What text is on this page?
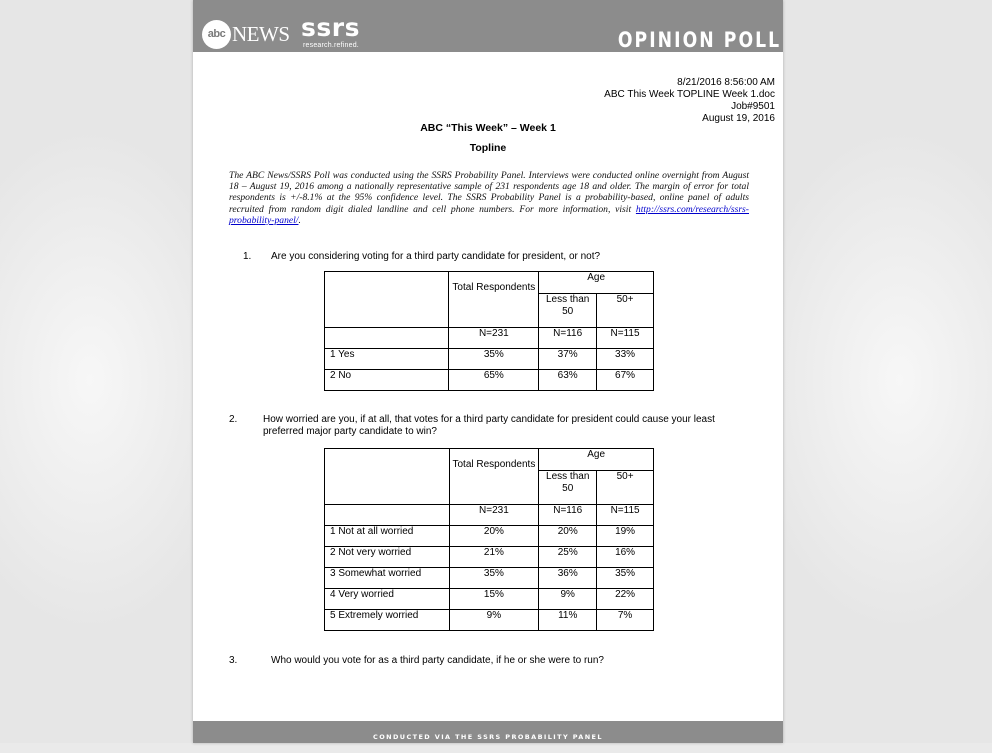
abc NEWS ssrs
research.refined.	OPINION POLL
8/21/2016 8:56:00 AM
ABC This Week TOPLINE Week 1.doc
Job#9501
August 19, 2016
ABC “This Week” – Week 1
Topline
The ABC News/SSRS Poll was conducted using the SSRS Probability Panel. Interviews were conducted online overnight from August 18 – August 19, 2016 among a nationally representative sample of 231 respondents age 18 and older. The margin of error for total respondents is +/-8.1% at the 95% confidence level. The SSRS Probability Panel is a probability-based, online panel of adults recruited from random digit dialed landline and cell phone numbers. For more information, visit http://ssrs.com/research/ssrs-probability-panel/.
1. Are you considering voting for a third party candidate for president, or not?
	Total Respondents	Age	
		Less than 50	50+
	N=231	N=116	N=115
1 Yes	35%	37%	33%
2 No	65%	63%	67%
2.	How worried are you, if at all, that votes for a third party candidate for president could cause your least preferred major party candidate to win?
	Total Respondents	Age	
		Less than 50	50+
	N=231	N=116	N=115
1 Not at all worried	20%	20%	19%
2 Not very worried	21%	25%	16%
3 Somewhat worried	35%	36%	35%
4 Very worried	15%	9%	22%
5 Extremely worried	9%	11%	7%
3.	Who would you vote for as a third party candidate, if he or she were to run?
CONDUCTED VIA THE SSRS PROBABILITY PANEL
